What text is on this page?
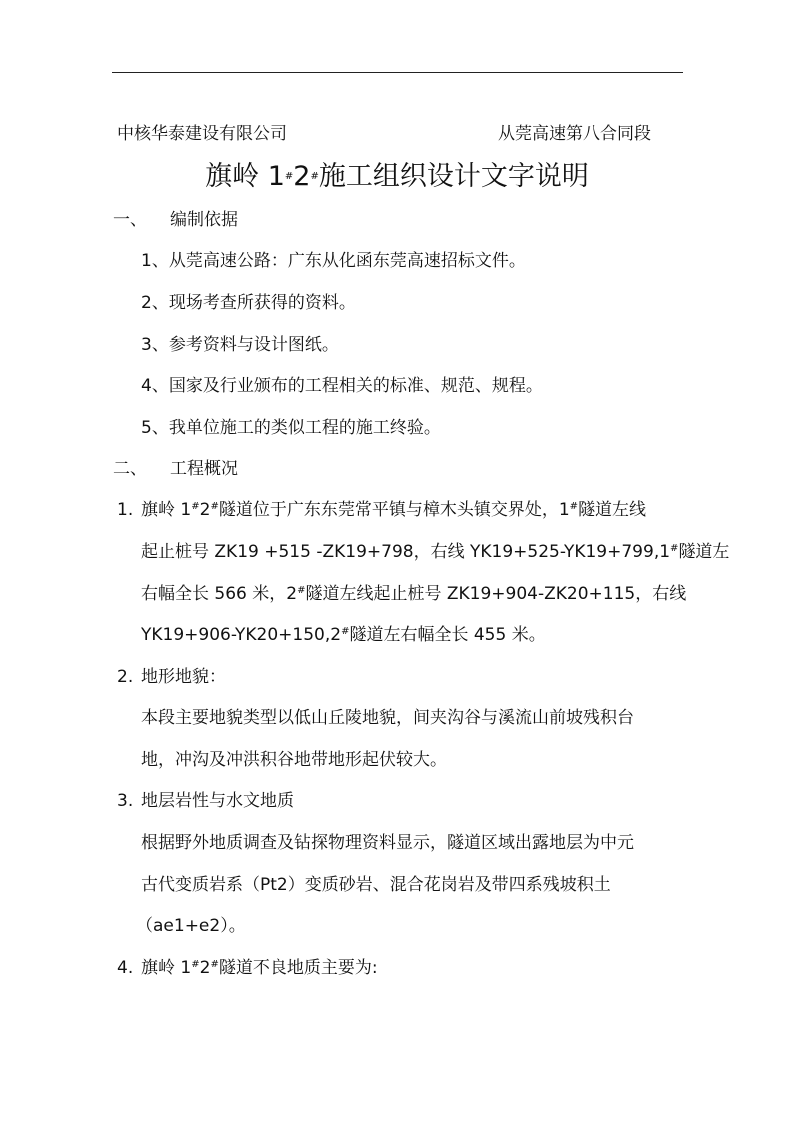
中核华泰建设有限公司	从莞高速第八合同段
旗岭 1#2#施工组织设计文字说明
一、 编制依据
1、从莞高速公路：广东从化函东莞高速招标文件。
2、现场考查所获得的资料。
3、参考资料与设计图纸。
4、国家及行业颁布的工程相关的标准、规范、规程。
5、我单位施工的类似工程的施工终验。
二、 工程概况
1. 旗岭 1#2#隧道位于广东东莞常平镇与樟木头镇交界处，1#隧道左线
起止桩号 ZK19 +515 -ZK19+798，右线 YK19+525-YK19+799,1#隧道左
右幅全长 566 米，2#隧道左线起止桩号 ZK19+904-ZK20+115，右线
YK19+906-YK20+150,2#隧道左右幅全长 455 米。
2. 地形地貌：
本段主要地貌类型以低山丘陵地貌，间夹沟谷与溪流山前坡残积台
地，冲沟及冲洪积谷地带地形起伏较大。
3. 地层岩性与水文地质
根据野外地质调查及钻探物理资料显示，隧道区域出露地层为中元
古代变质岩系（Pt2）变质砂岩、混合花岗岩及带四系残坡积土
（ae1+e2）。
4. 旗岭 1#2#隧道不良地质主要为:
